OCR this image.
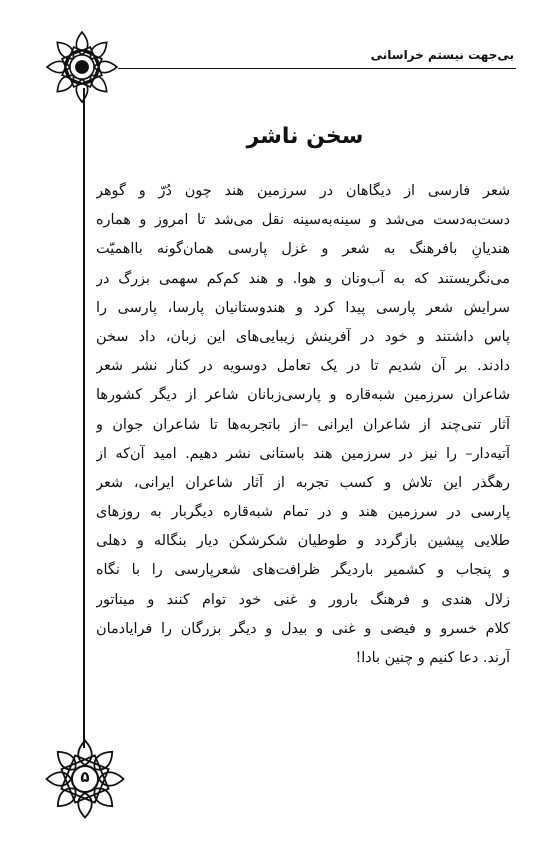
بی‌جهت نیستم خراسانی
سخن ناشر
شعر فارسی از دیگاهان در سرزمین هند چون دُرّ و گوهر
دست‌به‌دست می‌شد و سینه‌به‌سینه نقل می‌شد تا امروز و هماره
هندیانِ بافرهنگ به شعر و غزل پارسی همان‌گونه بااهمیّت
می‌نگریستند که به آب‌ونان و هوا. و هند کم‌کم سهمی بزرگ در
سرایش شعر پارسی پیدا کرد و هندوستانیان پارسا، پارسی را
پاس داشتند و خود در آفرینش زیبایی‌های این زبان، داد سخن
دادند. بر آن شدیم تا در یک تعامل دوسویه در کنار نشر شعر
شاعران سرزمین شبه‌قاره و پارسی‌زبانان شاعر از دیگر کشورها
آثار تنی‌چند از شاعران ایرانی –از باتجربه‌ها تا شاعران جوان و
آتیه‌دار– را نیز در سرزمین هند باستانی نشر دهیم. امید آن‌که از
رهگذر این تلاش و کسب تجربه از آثار شاعران ایرانی، شعر
پارسی در سرزمین هند و در تمام شبه‌قاره دیگربار به روزهای
طلایی پیشین بازگردد و طوطیان شکرشکن دیار بنگاله و دهلی
و پنجاب و کشمیر باردیگر ظرافت‌های شعرپارسی را با نگاه
زلال هندی و فرهنگ بارور و غنی خود توام کنند و میناتور
کلام خسرو و فیضی و غنی و بیدل و دیگر بزرگان را فرایادمان
آرند. دعا کنیم و چنین بادا!
۵
